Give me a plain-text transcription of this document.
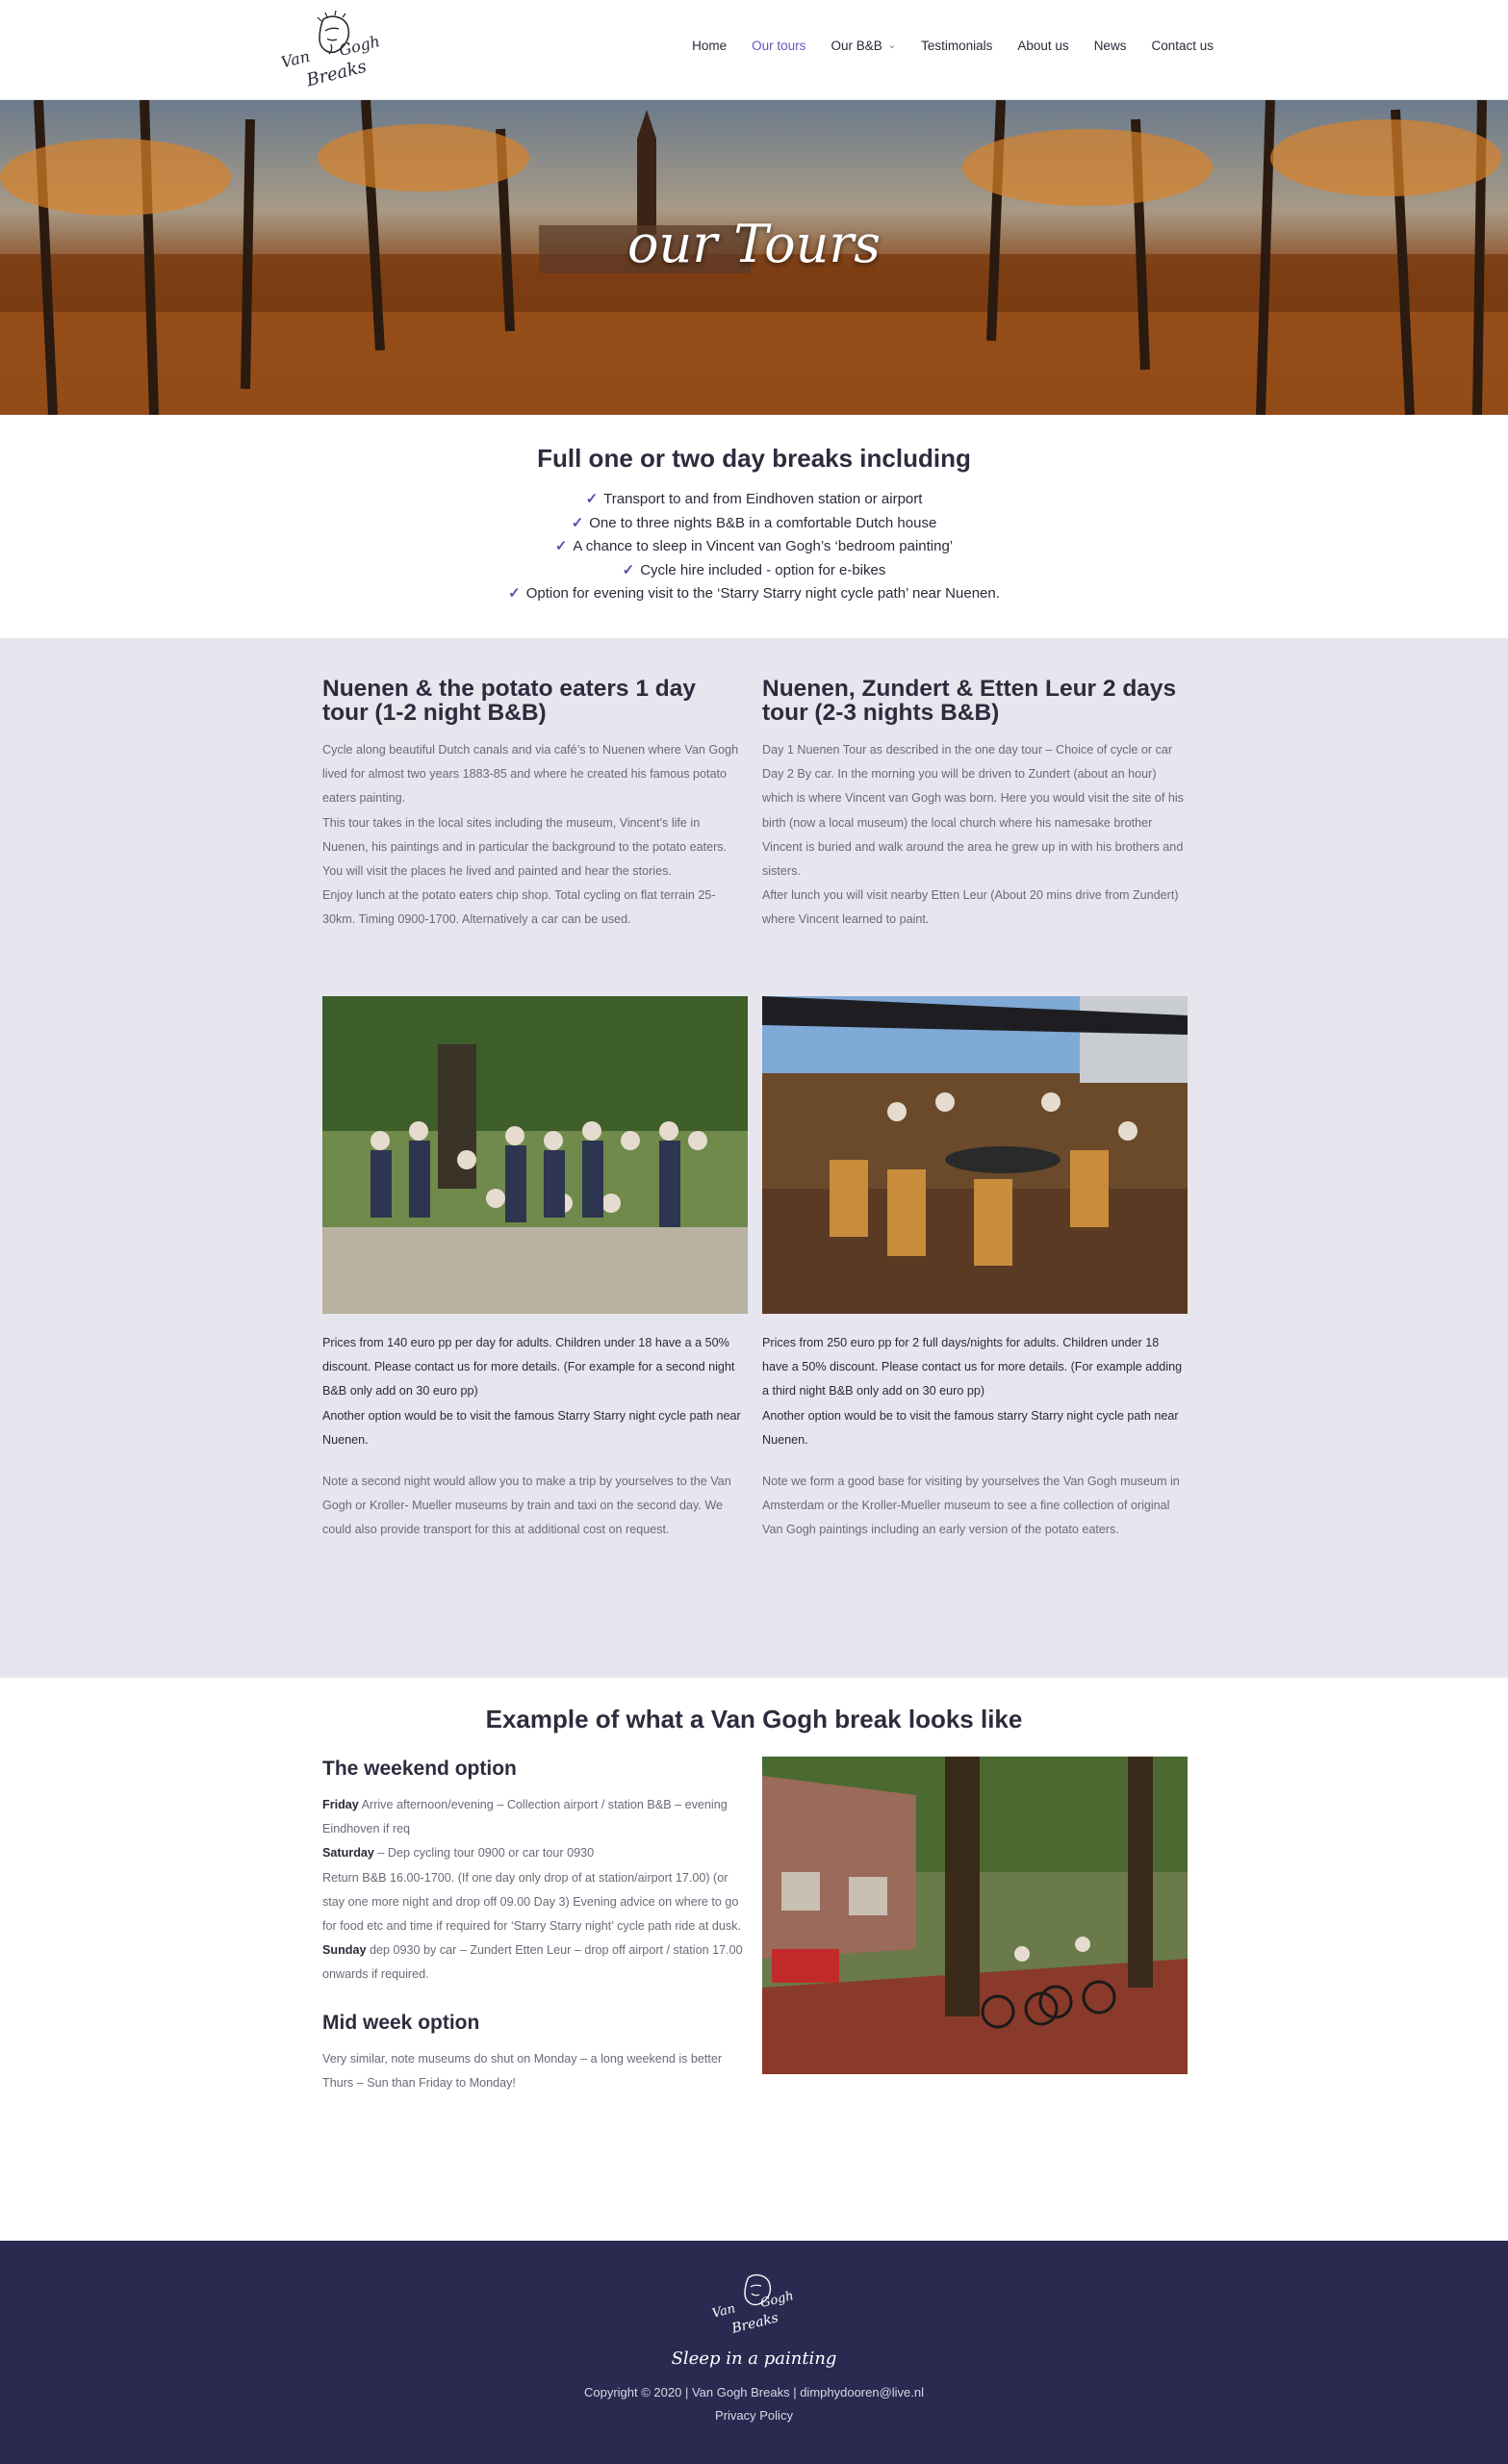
Van Gogh
Breaks
Home Our tours Our B&B ⌄ Testimonials About us News Contact us
our Tours
Full one or two day breaks including
✓ Transport to and from Eindhoven station or airport
✓ One to three nights B&B in a comfortable Dutch house
✓ A chance to sleep in Vincent van Gogh’s ‘bedroom painting’
✓ Cycle hire included - option for e-bikes
✓ Option for evening visit to the ‘Starry Starry night cycle path’ near Nuenen.
Nuenen & the potato eaters 1 day tour (1-2 night B&B)

Cycle along beautiful Dutch canals and via café’s to Nuenen where Van Gogh lived for almost two years 1883-85 and where he created his famous potato eaters painting.

This tour takes in the local sites including the museum, Vincent’s life in Nuenen, his paintings and in particular the background to the potato eaters. You will visit the places he lived and painted and hear the stories.

Enjoy lunch at the potato eaters chip shop. Total cycling on flat terrain 25-30km. Timing 0900-1700. Alternatively a car can be used.

Prices from 140 euro pp per day for adults. Children under 18 have a a 50% discount. Please contact us for more details. (For example for a second night B&B only add on 30 euro pp)

Another option would be to visit the famous Starry Starry night cycle path near Nuenen.

Note a second night would allow you to make a trip by yourselves to the Van Gogh or Kroller- Mueller museums by train and taxi on the second day. We could also provide transport for this at additional cost on request.

Nuenen, Zundert & Etten Leur 2 days tour (2-3 nights B&B)

Day 1 Nuenen Tour as described in the one day tour – Choice of cycle or car

Day 2 By car. In the morning you will be driven to Zundert (about an hour) which is where Vincent van Gogh was born. Here you would visit the site of his birth (now a local museum) the local church where his namesake brother Vincent is buried and walk around the area he grew up in with his brothers and sisters.

After lunch you will visit nearby Etten Leur (About 20 mins drive from Zundert) where Vincent learned to paint.

Prices from 250 euro pp for 2 full days/nights for adults. Children under 18 have a 50% discount. Please contact us for more details. (For example adding a third night B&B only add on 30 euro pp)

Another option would be to visit the famous starry Starry night cycle path near Nuenen.

Note we form a good base for visiting by yourselves the Van Gogh museum in Amsterdam or the Kroller-Mueller museum to see a fine collection of original Van Gogh paintings including an early version of the potato eaters.

Example of what a Van Gogh break looks like
The weekend option

Friday Arrive afternoon/evening – Collection airport / station B&B – evening Eindhoven if req

Saturday – Dep cycling tour 0900 or car tour 0930

Return B&B 16.00-1700. (If one day only drop of at station/airport 17.00) (or stay one more night and drop off 09.00 Day 3) Evening advice on where to go for food etc and time if required for ‘Starry Starry night’ cycle path ride at dusk.

Sunday dep 0930 by car – Zundert Etten Leur – drop off airport / station 17.00 onwards if required.

Mid week option

Very similar, note museums do shut on Monday – a long weekend is better Thurs – Sun than Friday to Monday!

Van
Gogh
Breaks
Sleep in a painting
Copyright © 2020 | Van Gogh Breaks | dimphydooren@live.nl
Privacy Policy
